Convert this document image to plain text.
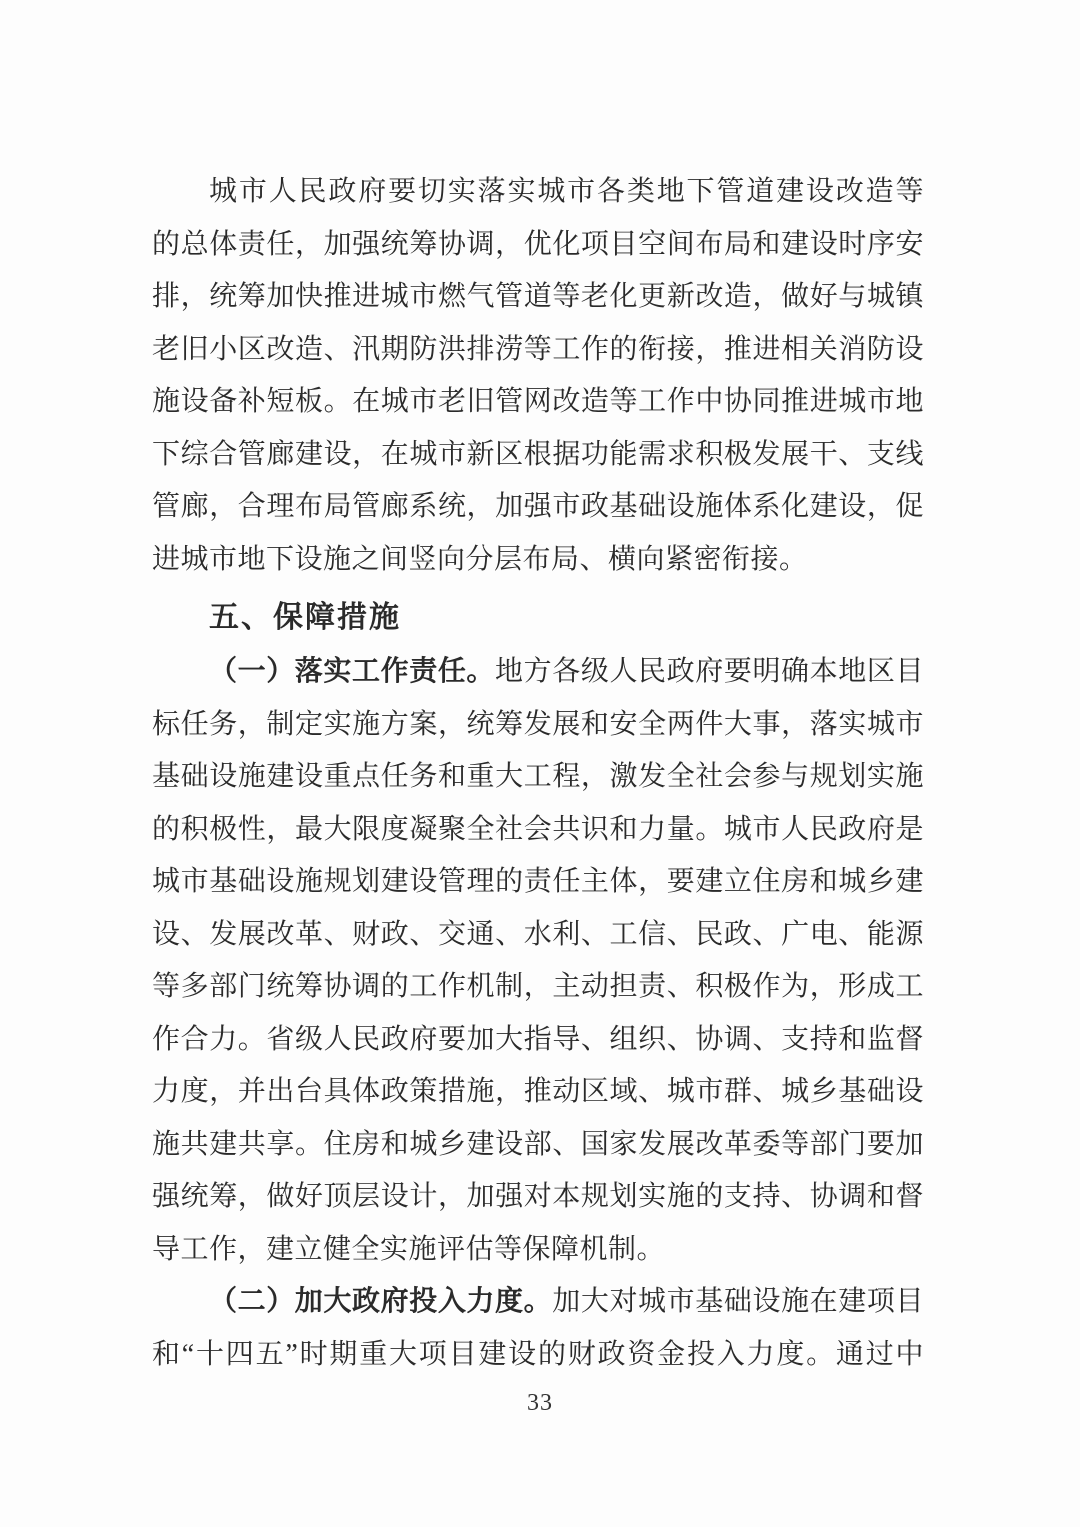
城市人民政府要切实落实城市各类地下管道建设改造等
的总体责任，加强统筹协调，优化项目空间布局和建设时序安
排，统筹加快推进城市燃气管道等老化更新改造，做好与城镇
老旧小区改造、汛期防洪排涝等工作的衔接，推进相关消防设
施设备补短板。在城市老旧管网改造等工作中协同推进城市地
下综合管廊建设，在城市新区根据功能需求积极发展干、支线
管廊，合理布局管廊系统，加强市政基础设施体系化建设，促
进城市地下设施之间竖向分层布局、横向紧密衔接。
五、保障措施
（一）落实工作责任。地方各级人民政府要明确本地区目
标任务，制定实施方案，统筹发展和安全两件大事，落实城市
基础设施建设重点任务和重大工程，激发全社会参与规划实施
的积极性，最大限度凝聚全社会共识和力量。城市人民政府是
城市基础设施规划建设管理的责任主体，要建立住房和城乡建
设、发展改革、财政、交通、水利、工信、民政、广电、能源
等多部门统筹协调的工作机制，主动担责、积极作为，形成工
作合力。省级人民政府要加大指导、组织、协调、支持和监督
力度，并出台具体政策措施，推动区域、城市群、城乡基础设
施共建共享。住房和城乡建设部、国家发展改革委等部门要加
强统筹，做好顶层设计，加强对本规划实施的支持、协调和督
导工作，建立健全实施评估等保障机制。
（二）加大政府投入力度。加大对城市基础设施在建项目
和“十四五”时期重大项目建设的财政资金投入力度。通过中
33
